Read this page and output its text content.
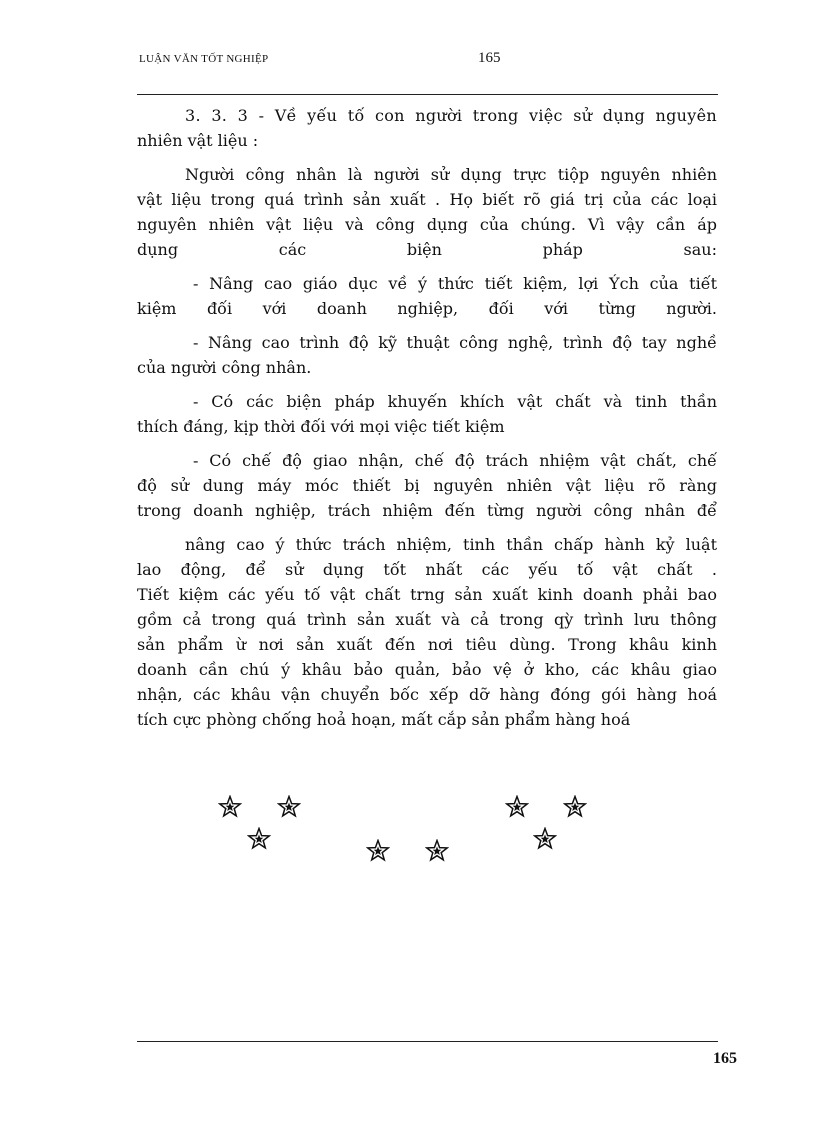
LUẬN VĂN TỐT NGHIỆP	165

3. 3. 3 - Về yếu tố con người trong việc sử dụng nguyên
nhiên vật liệu :

Người công nhân là người sử dụng trực tiộp nguyên nhiên
vật liệu trong quá trình sản xuất . Họ biết rõ giá trị của các loại
nguyên nhiên vật liệu và công dụng của chúng. Vì vậy cần áp
dụng các biện pháp sau:

- Nâng cao giáo dục về ý thức tiết kiệm, lợi Ých của tiết
kiệm đối với doanh nghiệp, đối với từng người.

- Nâng cao trình độ kỹ thuật công nghệ, trình độ tay nghề
của người công nhân.

- Có các biện pháp khuyến khích vật chất và tinh thần
thích đáng, kịp thời đối với mọi việc tiết kiệm

- Có chế độ giao nhận, chế độ trách nhiệm vật chất, chế
độ sử dung máy móc thiết bị nguyên nhiên vật liệu rõ ràng
trong doanh nghiệp, trách nhiệm đến từng người công nhân để

nâng cao ý thức trách nhiệm, tinh thần chấp hành kỷ luật
lao động, để sử dụng tốt nhất các yếu tố vật chất .
Tiết kiệm các yếu tố vật chất trng sản xuất kinh doanh phải bao
gồm cả trong quá trình sản xuất và cả trong qỳ trình lưu thông
sản phẩm ừ nơi sản xuất đến nơi tiêu dùng. Trong khâu kinh
doanh cần chú ý khâu bảo quản, bảo vệ ở kho, các khâu giao
nhận, các khâu vận chuyển bốc xếp dỡ hàng đóng gói hàng hoá
tích cực phòng chống hoả hoạn, mất cắp sản phẩm hàng hoá

165
